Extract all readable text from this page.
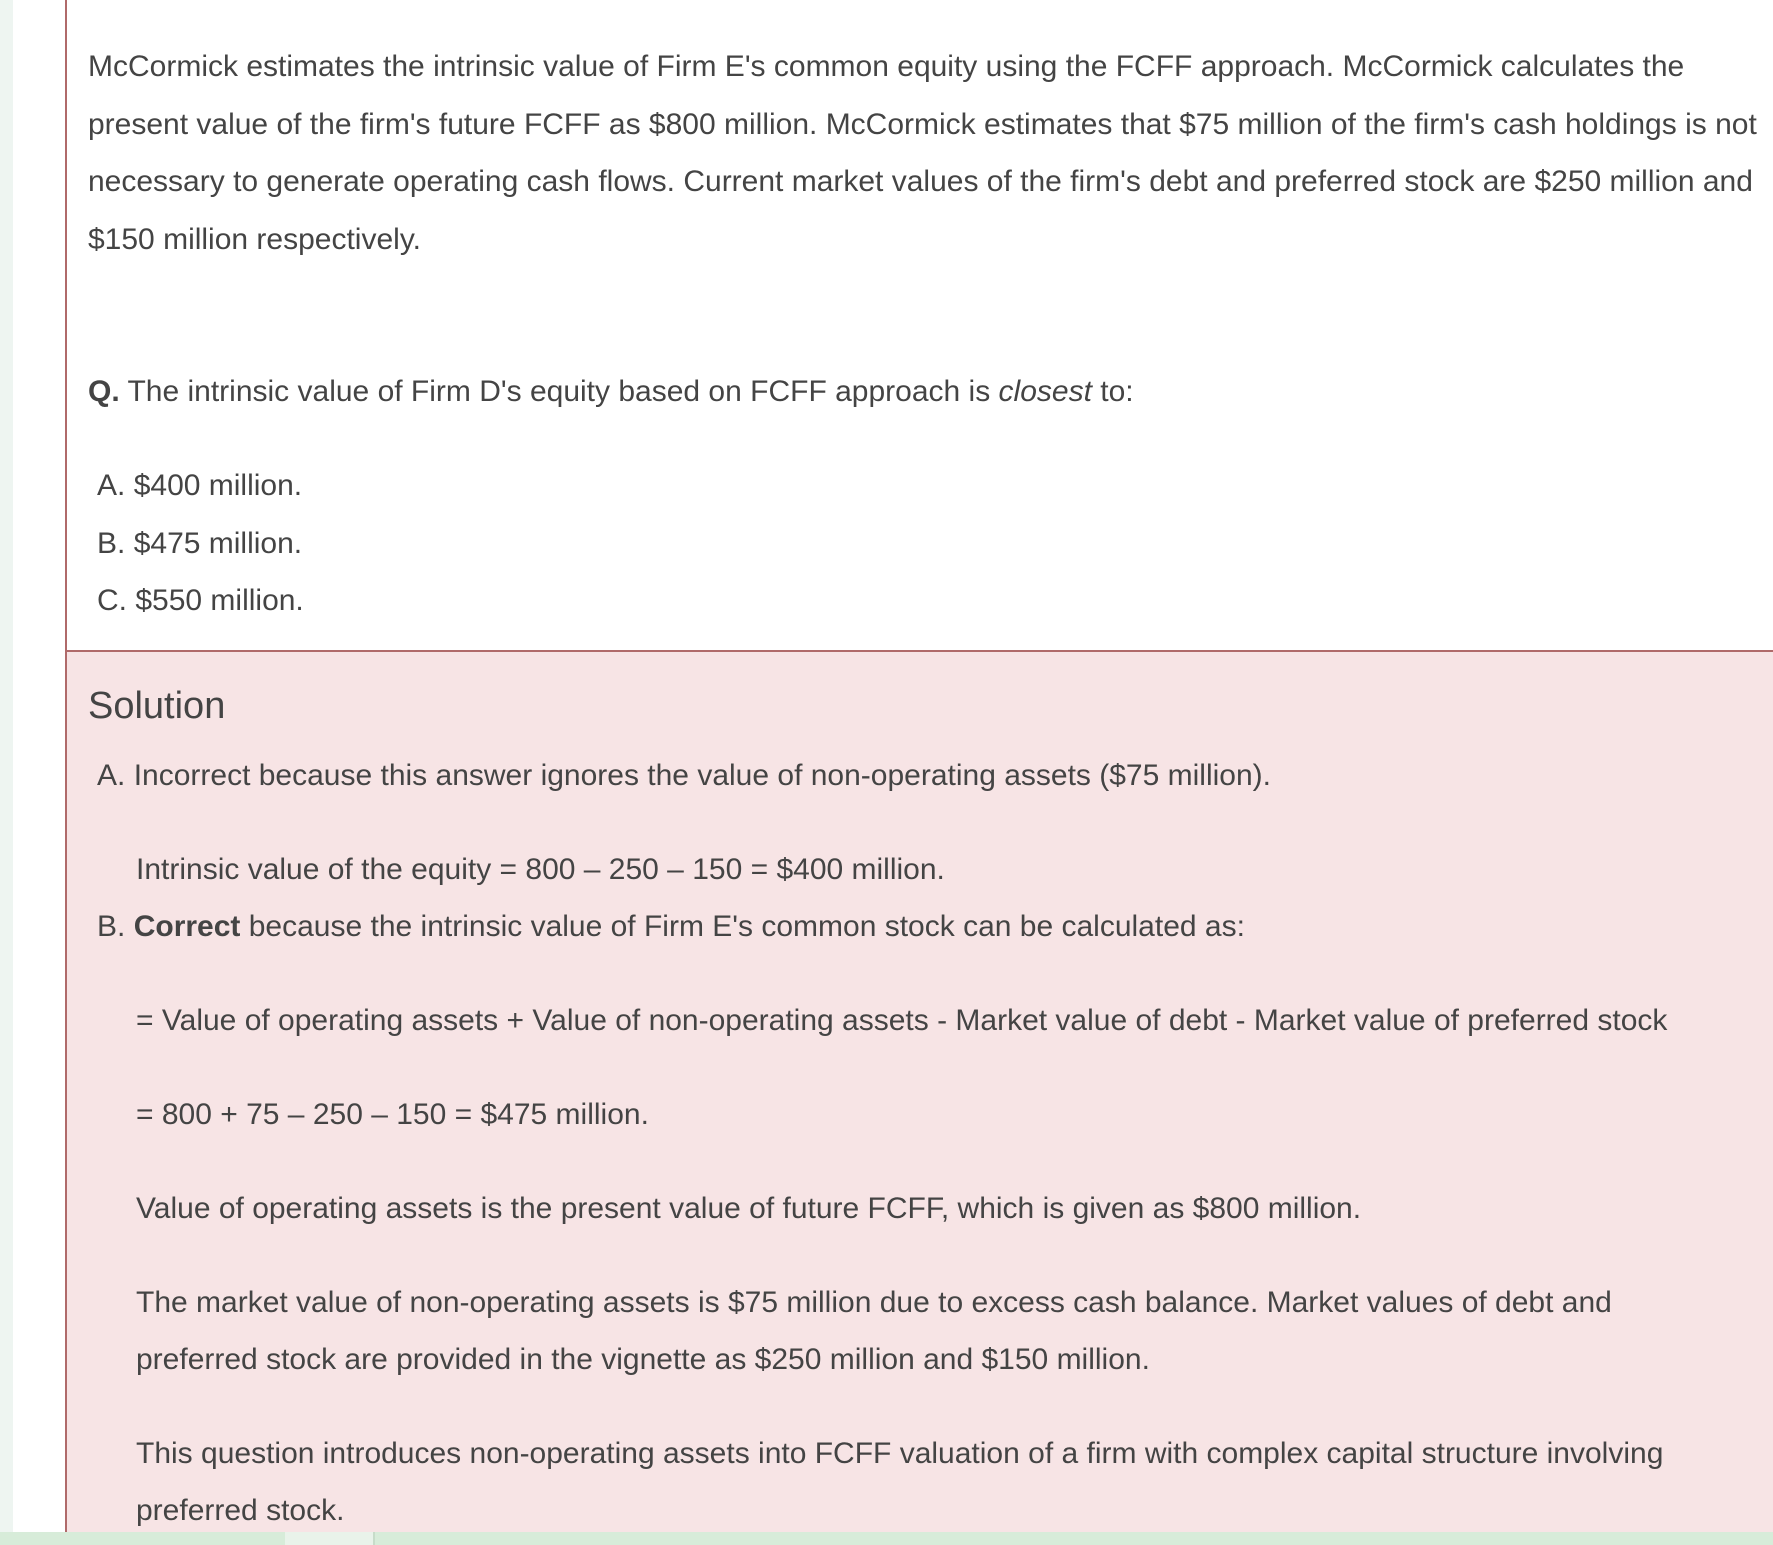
McCormick estimates the intrinsic value of Firm E's common equity using the FCFF approach. McCormick calculates the present value of the firm's future FCFF as $800 million. McCormick estimates that $75 million of the firm's cash holdings is not necessary to generate operating cash flows. Current market values of the firm's debt and preferred stock are $250 million and $150 million respectively.

Q. The intrinsic value of Firm D's equity based on FCFF approach is closest to:

A. $400 million.
B. $475 million.
C. $550 million.
Solution

A. Incorrect because this answer ignores the value of non-operating assets ($75 million).

Intrinsic value of the equity = 800 – 250 – 150 = $400 million.

B. Correct because the intrinsic value of Firm E's common stock can be calculated as:

= Value of operating assets + Value of non-operating assets - Market value of debt - Market value of preferred stock

= 800 + 75 – 250 – 150 = $475 million.

Value of operating assets is the present value of future FCFF, which is given as $800 million.

The market value of non-operating assets is $75 million due to excess cash balance. Market values of debt and

preferred stock are provided in the vignette as $250 million and $150 million.

This question introduces non-operating assets into FCFF valuation of a firm with complex capital structure involving

preferred stock.
